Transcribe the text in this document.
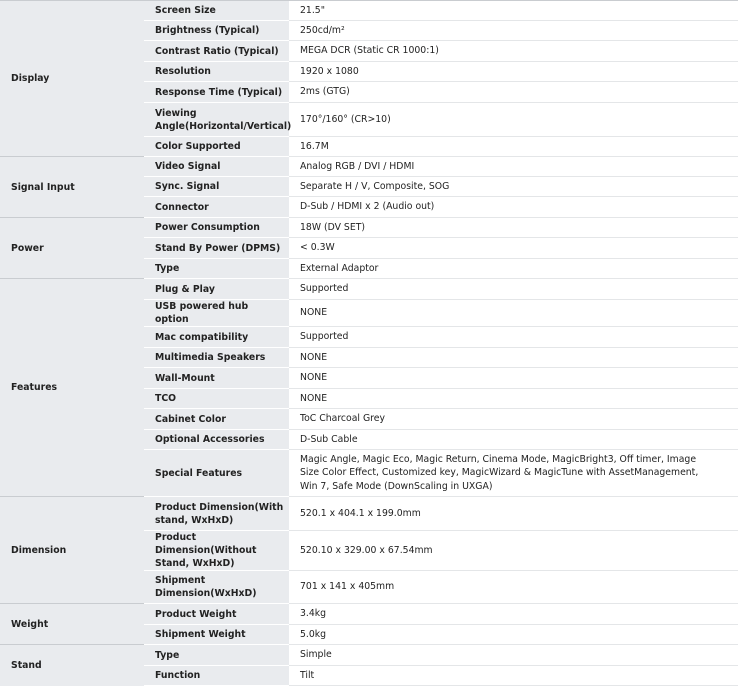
Display	Screen Size	21.5"
	Brightness (Typical)	250cd/m²
	Contrast Ratio (Typical)	MEGA DCR (Static CR 1000:1)
	Resolution	1920 x 1080
	Response Time (Typical)	2ms (GTG)
	Viewing Angle(Horizontal/Vertical)	170°/160° (CR>10)
	Color Supported	16.7M
Signal Input	Video Signal	Analog RGB / DVI / HDMI
	Sync. Signal	Separate H / V, Composite, SOG
	Connector	D-Sub / HDMI x 2 (Audio out)
Power	Power Consumption	18W (DV SET)
	Stand By Power (DPMS)	< 0.3W
	Type	External Adaptor
Features	Plug & Play	Supported
	USB powered hub option	NONE
	Mac compatibility	Supported
	Multimedia Speakers	NONE
	Wall-Mount	NONE
	TCO	NONE
	Cabinet Color	ToC Charcoal Grey
	Optional Accessories	D-Sub Cable
	Special Features	Magic Angle, Magic Eco, Magic Return, Cinema Mode, MagicBright3, Off timer, Image Size Color Effect, Customized key, MagicWizard & MagicTune with AssetManagement, Win 7, Safe Mode (DownScaling in UXGA)
Dimension	Product Dimension(With stand, WxHxD)	520.1 x 404.1 x 199.0mm
	Product Dimension(Without Stand, WxHxD)	520.10 x 329.00 x 67.54mm
	Shipment Dimension(WxHxD)	701 x 141 x 405mm
Weight	Product Weight	3.4kg
	Shipment Weight	5.0kg
Stand	Type	Simple
	Function	Tilt
